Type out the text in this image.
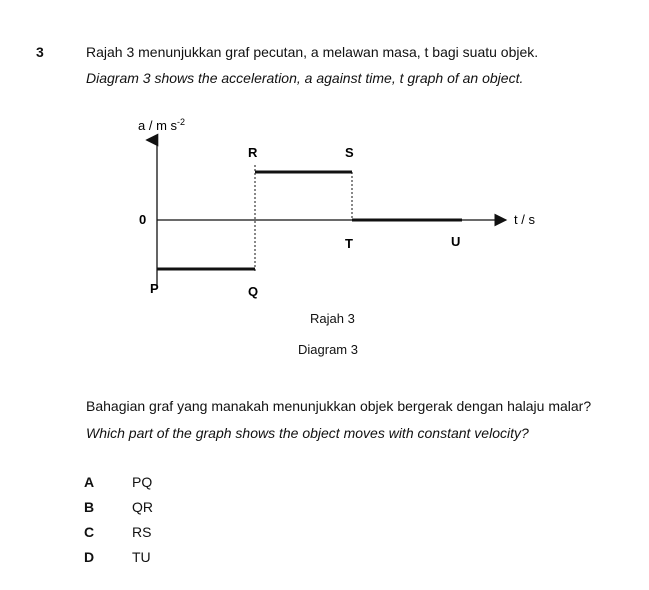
3	Rajah 3 menunjukkan graf pecutan, a melawan masa, t bagi suatu objek.
Diagram 3 shows the acceleration, a against time, t graph of an object.
a / m $s^{-2}$
t / s
0
P	Q
R	S
T	U
Rajah 3
Diagram 3
Bahagian graf yang manakah menunjukkan objek bergerak dengan halaju malar?
Which part of the graph shows the object moves with constant velocity?
A	PQ
B	QR
C	RS
D	TU
